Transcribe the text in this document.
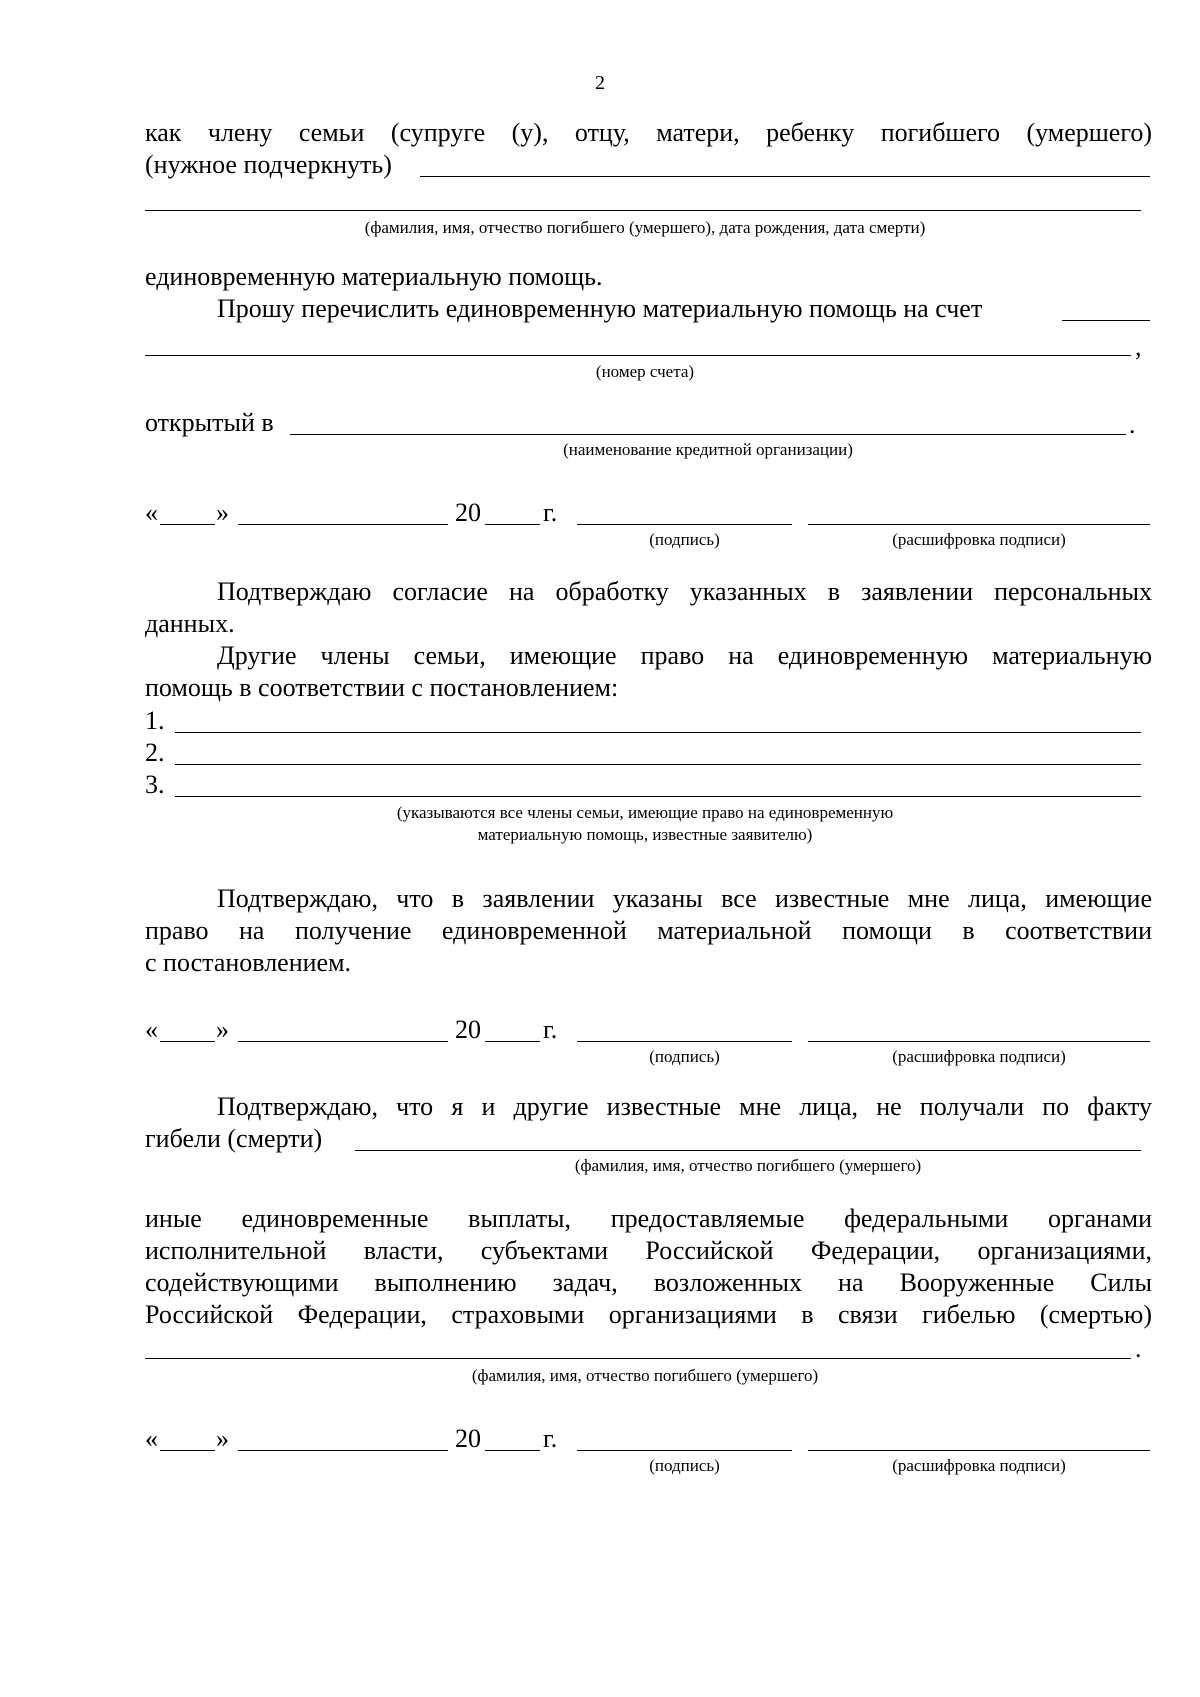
2
как члену семьи (супруге (у), отцу, матери, ребенку погибшего (умершего)
(нужное подчеркнуть)
(фамилия, имя, отчество погибшего (умершего), дата рождения, дата смерти)
единовременную материальную помощь.
Прошу перечислить единовременную материальную помощь на счет
,
(номер счета)
открытый в	.
(наименование кредитной организации)
« »	20 г.
(подпись)	(расшифровка подписи)
Подтверждаю согласие на обработку указанных в заявлении персональных
данных.
Другие члены семьи, имеющие право на единовременную материальную
помощь в соответствии с постановлением:
1.
2.
3.
(указываются все члены семьи, имеющие право на единовременную
материальную помощь, известные заявителю)
Подтверждаю, что в заявлении указаны все известные мне лица, имеющие
право на получение единовременной материальной помощи в соответствии
с постановлением.
« »	20 г.
(подпись)	(расшифровка подписи)
Подтверждаю, что я и другие известные мне лица, не получали по факту
гибели (смерти)
(фамилия, имя, отчество погибшего (умершего)
иные единовременные выплаты, предоставляемые федеральными органами
исполнительной власти, субъектами Российской Федерации, организациями,
содействующими выполнению задач, возложенных на Вооруженные Силы
Российской Федерации, страховыми организациями в связи гибелью (смертью)
.
(фамилия, имя, отчество погибшего (умершего)
« »	20 г.
(подпись)	(расшифровка подписи)
